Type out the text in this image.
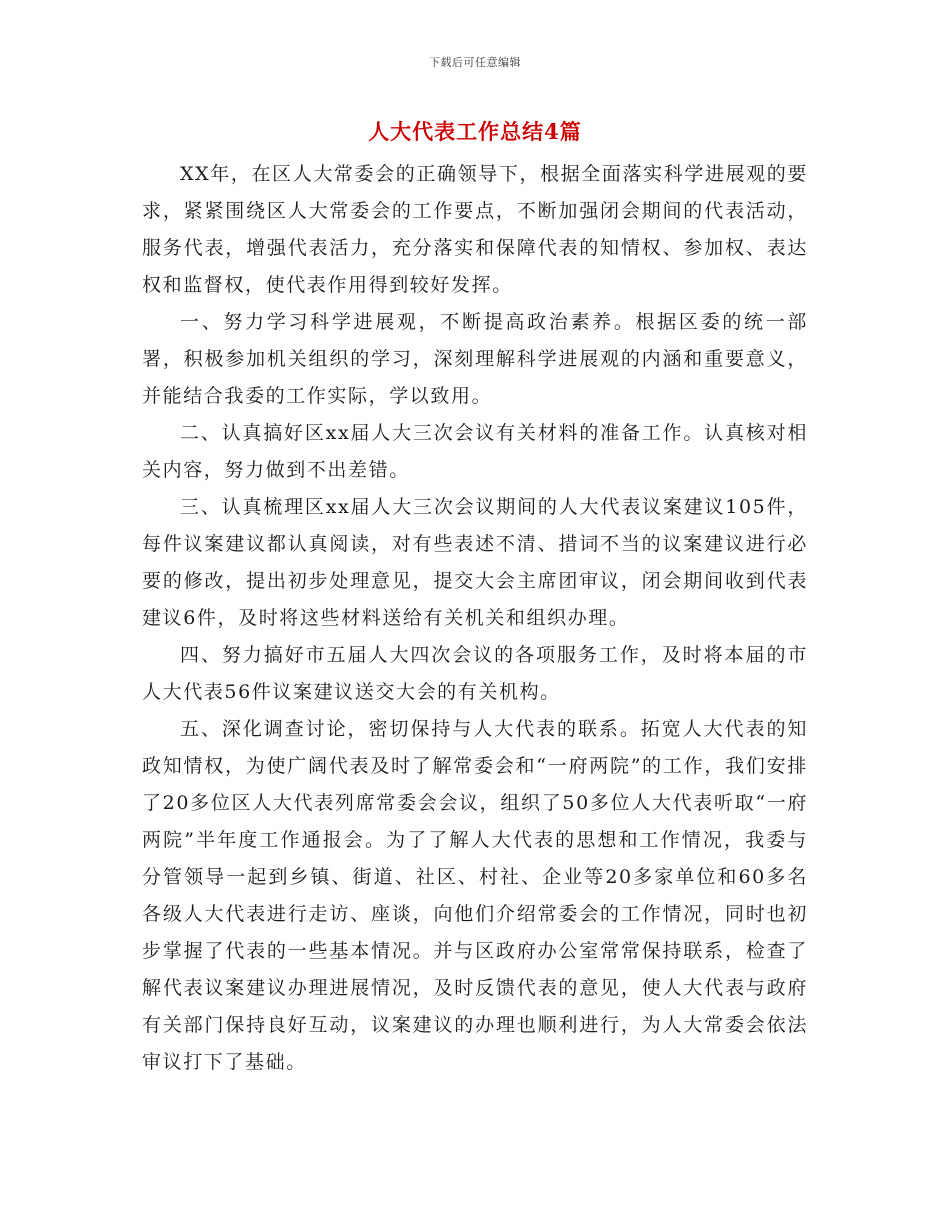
下载后可任意编辑
人大代表工作总结4篇

XX年，在区人大常委会的正确领导下，根据全面落实科学进展观的要求，紧紧围绕区人大常委会的工作要点，不断加强闭会期间的代表活动，服务代表，增强代表活力，充分落实和保障代表的知情权、参加权、表达权和监督权，使代表作用得到较好发挥。

一、努力学习科学进展观，不断提高政治素养。根据区委的统一部署，积极参加机关组织的学习，深刻理解科学进展观的内涵和重要意义，并能结合我委的工作实际，学以致用。

二、认真搞好区xx届人大三次会议有关材料的准备工作。认真核对相关内容，努力做到不出差错。

三、认真梳理区xx届人大三次会议期间的人大代表议案建议105件，每件议案建议都认真阅读，对有些表述不清、措词不当的议案建议进行必要的修改，提出初步处理意见，提交大会主席团审议，闭会期间收到代表建议6件，及时将这些材料送给有关机关和组织办理。

四、努力搞好市五届人大四次会议的各项服务工作，及时将本届的市人大代表56件议案建议送交大会的有关机构。

五、深化调查讨论，密切保持与人大代表的联系。拓宽人大代表的知政知情权，为使广阔代表及时了解常委会和“一府两院”的工作，我们安排了20多位区人大代表列席常委会会议，组织了50多位人大代表听取“一府两院”半年度工作通报会。为了了解人大代表的思想和工作情况，我委与分管领导一起到乡镇、街道、社区、村社、企业等20多家单位和60多名各级人大代表进行走访、座谈，向他们介绍常委会的工作情况，同时也初步掌握了代表的一些基本情况。并与区政府办公室常常保持联系，检查了解代表议案建议办理进展情况，及时反馈代表的意见，使人大代表与政府有关部门保持良好互动，议案建议的办理也顺利进行，为人大常委会依法审议打下了基础。
